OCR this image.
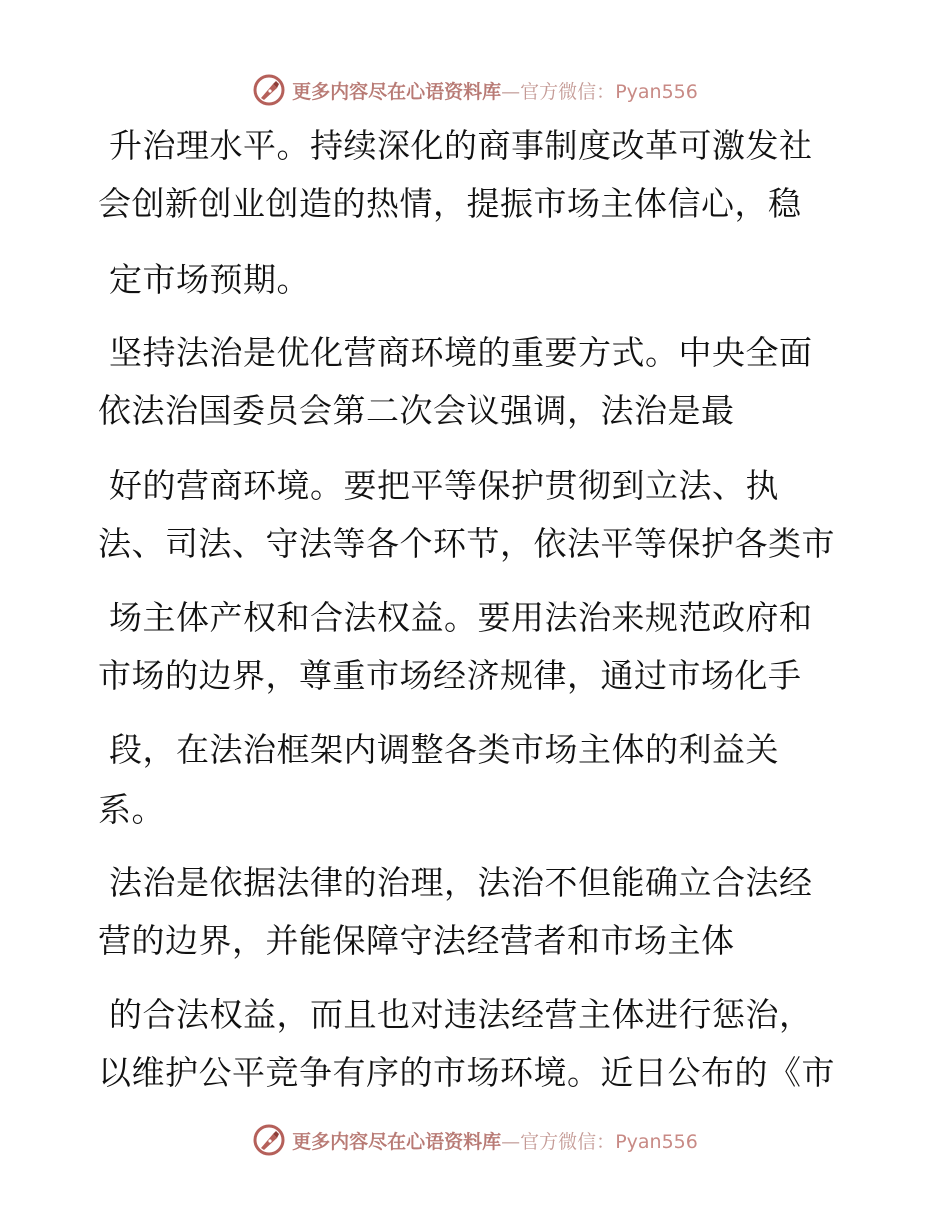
更多内容尽在心语资料库—官方微信：Pyan556
升治理水平。持续深化的商事制度改革可激发社
会创新创业创造的热情，提振市场主体信心，稳
定市场预期。
坚持法治是优化营商环境的重要方式。中央全面
依法治国委员会第二次会议强调，法治是最
好的营商环境。要把平等保护贯彻到立法、执
法、司法、守法等各个环节，依法平等保护各类市
场主体产权和合法权益。要用法治来规范政府和
市场的边界，尊重市场经济规律，通过市场化手
段，在法治框架内调整各类市场主体的利益关
系。
法治是依据法律的治理，法治不但能确立合法经
营的边界，并能保障守法经营者和市场主体
的合法权益，而且也对违法经营主体进行惩治，
以维护公平竞争有序的市场环境。近日公布的《市
更多内容尽在心语资料库—官方微信：Pyan556
